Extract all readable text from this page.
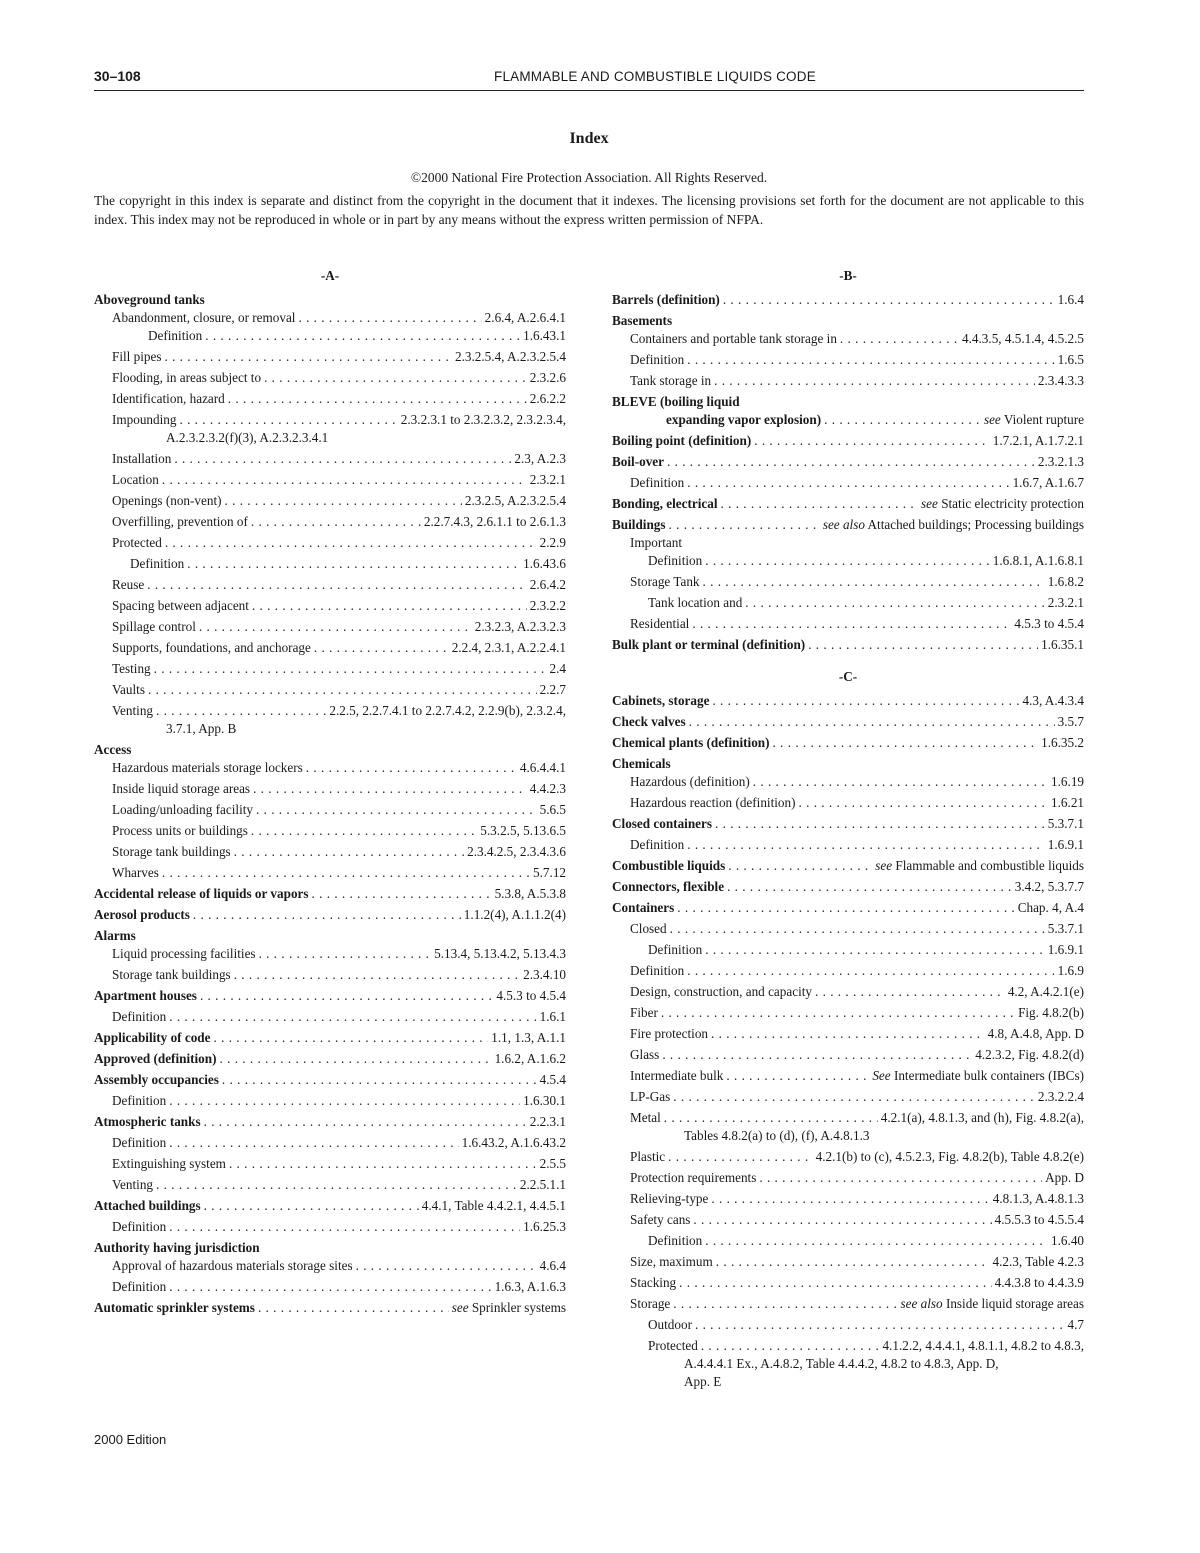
30–108	FLAMMABLE AND COMBUSTIBLE LIQUIDS CODE
Index
©2000 National Fire Protection Association. All Rights Reserved.
The copyright in this index is separate and distinct from the copyright in the document that it indexes. The licensing provisions set forth for the document are not applicable to this index. This index may not be reproduced in whole or in part by any means without the express written permission of NFPA.
-A-
Aboveground tanks
Abandonment, closure, or removal . . .	2.6.4, A.2.6.4.1
Definition . . .	1.6.43.1
Fill pipes . . .	2.3.2.5.4, A.2.3.2.5.4
Flooding, in areas subject to . . .	2.3.2.6
Identification, hazard . . .	2.6.2.2
Impounding . . .	2.3.2.3.1 to 2.3.2.3.2, 2.3.2.3.4,
A.2.3.2.3.2(f)(3), A.2.3.2.3.4.1
Installation . . .	2.3, A.2.3
Location . . .	2.3.2.1
Openings (non-vent) . . .	2.3.2.5, A.2.3.2.5.4
Overfilling, prevention of . . .	2.2.7.4.3, 2.6.1.1 to 2.6.1.3
Protected . . .	2.2.9
Definition . . .	1.6.43.6
Reuse . . .	2.6.4.2
Spacing between adjacent . . .	2.3.2.2
Spillage control . . .	2.3.2.3, A.2.3.2.3
Supports, foundations, and anchorage . . .	2.2.4, 2.3.1, A.2.2.4.1
Testing . . .	2.4
Vaults . . .	2.2.7
Venting . . .	2.2.5, 2.2.7.4.1 to 2.2.7.4.2, 2.2.9(b), 2.3.2.4,
3.7.1, App. B
Access
Hazardous materials storage lockers . . .	4.6.4.4.1
Inside liquid storage areas . . .	4.4.2.3
Loading/unloading facility . . .	5.6.5
Process units or buildings . . .	5.3.2.5, 5.13.6.5
Storage tank buildings . . .	2.3.4.2.5, 2.3.4.3.6
Wharves . . .	5.7.12
Accidental release of liquids or vapors . . .	5.3.8, A.5.3.8
Aerosol products . . .	1.1.2(4), A.1.1.2(4)
Alarms
Liquid processing facilities . . .	5.13.4, 5.13.4.2, 5.13.4.3
Storage tank buildings . . .	2.3.4.10
Apartment houses . . .	4.5.3 to 4.5.4
Definition . . .	1.6.1
Applicability of code . . .	1.1, 1.3, A.1.1
Approved (definition) . . .	1.6.2, A.1.6.2
Assembly occupancies . . .	4.5.4
Definition . . .	1.6.30.1
Atmospheric tanks . . .	2.2.3.1
Definition . . .	1.6.43.2, A.1.6.43.2
Extinguishing system . . .	2.5.5
Venting . . .	2.2.5.1.1
Attached buildings . . .	4.4.1, Table 4.4.2.1, 4.4.5.1
Definition . . .	1.6.25.3
Authority having jurisdiction
Approval of hazardous materials storage sites . . .	4.6.4
Definition . . .	1.6.3, A.1.6.3
Automatic sprinkler systems . . .	see Sprinkler systems
-B-
Barrels (definition) . . .	1.6.4
Basements
Containers and portable tank storage in . . .	4.4.3.5, 4.5.1.4, 4.5.2.5
Definition . . .	1.6.5
Tank storage in . . .	2.3.4.3.3
BLEVE (boiling liquid
expanding vapor explosion) . . .	see Violent rupture
Boiling point (definition) . . .	1.7.2.1, A.1.7.2.1
Boil-over . . .	2.3.2.1.3
Definition . . .	1.6.7, A.1.6.7
Bonding, electrical . . .	see Static electricity protection
Buildings . . .	see also Attached buildings; Processing buildings
Important
Definition . . .	1.6.8.1, A.1.6.8.1
Storage Tank . . .	1.6.8.2
Tank location and . . .	2.3.2.1
Residential . . .	4.5.3 to 4.5.4
Bulk plant or terminal (definition) . . .	1.6.35.1
-C-
Cabinets, storage . . .	4.3, A.4.3.4
Check valves . . .	3.5.7
Chemical plants (definition) . . .	1.6.35.2
Chemicals
Hazardous (definition) . . .	1.6.19
Hazardous reaction (definition) . . .	1.6.21
Closed containers . . .	5.3.7.1
Definition . . .	1.6.9.1
Combustible liquids . . .	see Flammable and combustible liquids
Connectors, flexible . . .	3.4.2, 5.3.7.7
Containers . . .	Chap. 4, A.4
Closed . . .	5.3.7.1
Definition . . .	1.6.9.1
Definition . . .	1.6.9
Design, construction, and capacity . . .	4.2, A.4.2.1(e)
Fiber . . .	Fig. 4.8.2(b)
Fire protection . . .	4.8, A.4.8, App. D
Glass . . .	4.2.3.2, Fig. 4.8.2(d)
Intermediate bulk . . .	See Intermediate bulk containers (IBCs)
LP-Gas . . .	2.3.2.2.4
Metal . . .	4.2.1(a), 4.8.1.3, and (h), Fig. 4.8.2(a),
Tables 4.8.2(a) to (d), (f), A.4.8.1.3
Plastic . . .	4.2.1(b) to (c), 4.5.2.3, Fig. 4.8.2(b), Table 4.8.2(e)
Protection requirements . . .	App. D
Relieving-type . . .	4.8.1.3, A.4.8.1.3
Safety cans . . .	4.5.5.3 to 4.5.5.4
Definition . . .	1.6.40
Size, maximum . . .	4.2.3, Table 4.2.3
Stacking . . .	4.4.3.8 to 4.4.3.9
Storage . . .	see also Inside liquid storage areas
Outdoor . . .	4.7
Protected . . .	4.1.2.2, 4.4.4.1, 4.8.1.1, 4.8.2 to 4.8.3,
A.4.4.4.1 Ex., A.4.8.2, Table 4.4.4.2, 4.8.2 to 4.8.3, App. D,
App. E
2000 Edition
